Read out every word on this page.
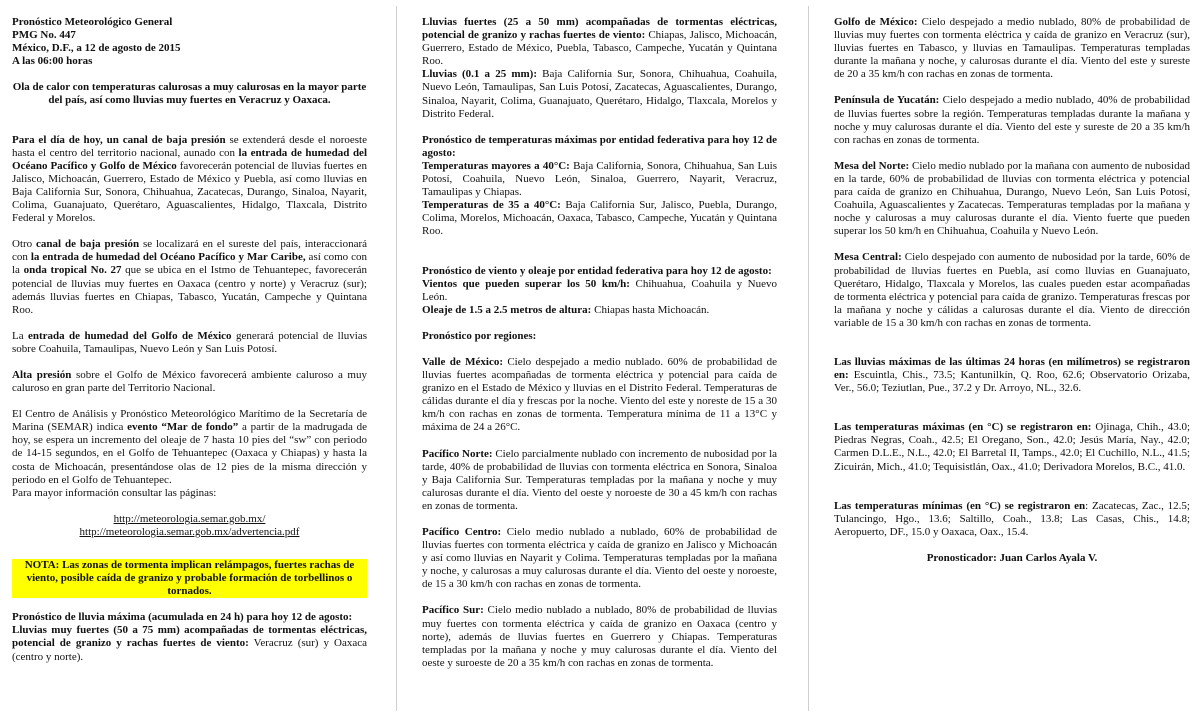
Pronóstico Meteorológico General

PMG No. 447

México, D.F., a 12 de agosto de 2015

A las 06:00 horas

Ola de calor con temperaturas calurosas a muy calurosas en la mayor parte del país, así como lluvias muy fuertes en Veracruz y Oaxaca.

Para el día de hoy, un canal de baja presión se extenderá desde el noroeste hasta el centro del territorio nacional, aunado con la entrada de humedad del Océano Pacífico y Golfo de México favorecerán potencial de lluvias fuertes en Jalisco, Michoacán, Guerrero, Estado de México y Puebla, así como lluvias en Baja California Sur, Sonora, Chihuahua, Zacatecas, Durango, Sinaloa, Nayarit, Colima, Guanajuato, Querétaro, Aguascalientes, Hidalgo, Tlaxcala, Distrito Federal y Morelos.

Otro canal de baja presión se localizará en el sureste del país, interaccionará con la entrada de humedad del Océano Pacífico y Mar Caribe, así como con la onda tropical No. 27 que se ubica en el Istmo de Tehuantepec, favorecerán potencial de lluvias muy fuertes en Oaxaca (centro y norte) y Veracruz (sur); además lluvias fuertes en Chiapas, Tabasco, Yucatán, Campeche y Quintana Roo.

La entrada de humedad del Golfo de México generará potencial de lluvias sobre Coahuila, Tamaulipas, Nuevo León y San Luis Potosí.

Alta presión sobre el Golfo de México favorecerá ambiente caluroso a muy caluroso en gran parte del Territorio Nacional.

El Centro de Análisis y Pronóstico Meteorológico Marítimo de la Secretaría de Marina (SEMAR) indica evento “Mar de fondo” a partir de la madrugada de hoy, se espera un incremento del oleaje de 7 hasta 10 pies del “sw” con periodo de 14-15 segundos, en el Golfo de Tehuantepec (Oaxaca y Chiapas) y hasta la costa de Michoacán, presentándose olas de 12 pies de la misma dirección y periodo en el Golfo de Tehuantepec.

Para mayor información consultar las páginas:

http://meteorologia.semar.gob.mx/
http://meteorologia.semar.gob.mx/advertencia.pdf

NOTA: Las zonas de tormenta implican relámpagos, fuertes rachas de viento, posible caída de granizo y probable formación de torbellinos o tornados.

Pronóstico de lluvia máxima (acumulada en 24 h) para hoy 12 de agosto:

Lluvias muy fuertes (50 a 75 mm) acompañadas de tormentas eléctricas, potencial de granizo y rachas fuertes de viento: Veracruz (sur) y Oaxaca (centro y norte).

Lluvias fuertes (25 a 50 mm) acompañadas de tormentas eléctricas, potencial de granizo y rachas fuertes de viento: Chiapas, Jalisco, Michoacán, Guerrero, Estado de México, Puebla, Tabasco, Campeche, Yucatán y Quintana Roo.

Lluvias (0.1 a 25 mm): Baja California Sur, Sonora, Chihuahua, Coahuila, Nuevo León, Tamaulipas, San Luis Potosí, Zacatecas, Aguascalientes, Durango, Sinaloa, Nayarit, Colima, Guanajuato, Querétaro, Hidalgo, Tlaxcala, Morelos y Distrito Federal.

Pronóstico de temperaturas máximas por entidad federativa para hoy 12 de agosto:

Temperaturas mayores a 40°C: Baja California, Sonora, Chihuahua, San Luis Potosí, Coahuila, Nuevo León, Sinaloa, Guerrero, Nayarit, Veracruz, Tamaulipas y Chiapas.

Temperaturas de 35 a 40°C: Baja California Sur, Jalisco, Puebla, Durango, Colima, Morelos, Michoacán, Oaxaca, Tabasco, Campeche, Yucatán y Quintana Roo.

Pronóstico de viento y oleaje por entidad federativa para hoy 12 de agosto:

Vientos que pueden superar los 50 km/h: Chihuahua, Coahuila y Nuevo León.

Oleaje de 1.5 a 2.5 metros de altura: Chiapas hasta Michoacán.

Pronóstico por regiones:

Valle de México: Cielo despejado a medio nublado. 60% de probabilidad de lluvias fuertes acompañadas de tormenta eléctrica y potencial para caída de granizo en el Estado de México y lluvias en el Distrito Federal. Temperaturas de cálidas durante el día y frescas por la noche. Viento del este y noreste de 15 a 30 km/h con rachas en zonas de tormenta. Temperatura mínima de 11 a 13°C y máxima de 24 a 26°C.

Pacífico Norte: Cielo parcialmente nublado con incremento de nubosidad por la tarde, 40% de probabilidad de lluvias con tormenta eléctrica en Sonora, Sinaloa y Baja California Sur. Temperaturas templadas por la mañana y noche y muy calurosas durante el día. Viento del oeste y noroeste de 30 a 45 km/h con rachas en zonas de tormenta.

Pacífico Centro: Cielo medio nublado a nublado, 60% de probabilidad de lluvias fuertes con tormenta eléctrica y caída de granizo en Jalisco y Michoacán y así como lluvias en Nayarit y Colima. Temperaturas templadas por la mañana y noche, y calurosas a muy calurosas durante el día. Viento del oeste y noroeste, de 15 a 30 km/h con rachas en zonas de tormenta.

Pacífico Sur: Cielo medio nublado a nublado, 80% de probabilidad de lluvias muy fuertes con tormenta eléctrica y caída de granizo en Oaxaca (centro y norte), además de lluvias fuertes en Guerrero y Chiapas. Temperaturas templadas por la mañana y noche y muy calurosas durante el día. Viento del oeste y suroeste de 20 a 35 km/h con rachas en zonas de tormenta.

Golfo de México: Cielo despejado a medio nublado, 80% de probabilidad de lluvias muy fuertes con tormenta eléctrica y caída de granizo en Veracruz (sur), lluvias fuertes en Tabasco, y lluvias en Tamaulipas. Temperaturas templadas durante la mañana y noche, y calurosas durante el día. Viento del este y sureste de 20 a 35 km/h con rachas en zonas de tormenta.

Península de Yucatán: Cielo despejado a medio nublado, 40% de probabilidad de lluvias fuertes sobre la región. Temperaturas templadas durante la mañana y noche y muy calurosas durante el día. Viento del este y sureste de 20 a 35 km/h con rachas en zonas de tormenta.

Mesa del Norte: Cielo medio nublado por la mañana con aumento de nubosidad en la tarde, 60% de probabilidad de lluvias con tormenta eléctrica y potencial para caída de granizo en Chihuahua, Durango, Nuevo León, San Luis Potosí, Coahuila, Aguascalientes y Zacatecas. Temperaturas templadas por la mañana y noche y calurosas a muy calurosas durante el día. Viento fuerte que pueden superar los 50 km/h en Chihuahua, Coahuila y Nuevo León.

Mesa Central: Cielo despejado con aumento de nubosidad por la tarde, 60% de probabilidad de lluvias fuertes en Puebla, así como lluvias en Guanajuato, Querétaro, Hidalgo, Tlaxcala y Morelos, las cuales pueden estar acompañadas de tormenta eléctrica y potencial para caída de granizo. Temperaturas frescas por la mañana y noche y cálidas a calurosas durante el día. Viento de dirección variable de 15 a 30 km/h con rachas en zonas de tormenta.

Las lluvias máximas de las últimas 24 horas (en milímetros) se registraron en: Escuintla, Chis., 73.5; Kantunilkín, Q. Roo, 62.6; Observatorio Orizaba, Ver., 56.0; Teziutlan, Pue., 37.2 y Dr. Arroyo, NL., 32.6.

Las temperaturas máximas (en °C) se registraron en: Ojinaga, Chih., 43.0; Piedras Negras, Coah., 42.5; El Oregano, Son., 42.0; Jesús María, Nay., 42.0; Carmen D.L.E., N.L., 42.0; El Barretal II, Tamps., 42.0; El Cuchillo, N.L., 41.5; Zicuirán, Mich., 41.0; Tequisistlán, Oax., 41.0; Derivadora Morelos, B.C., 41.0.

Las temperaturas mínimas (en °C) se registraron en: Zacatecas, Zac., 12.5; Tulancingo, Hgo., 13.6; Saltillo, Coah., 13.8; Las Casas, Chis., 14.8; Aeropuerto, DF., 15.0 y Oaxaca, Oax., 15.4.

Pronosticador: Juan Carlos Ayala V.
